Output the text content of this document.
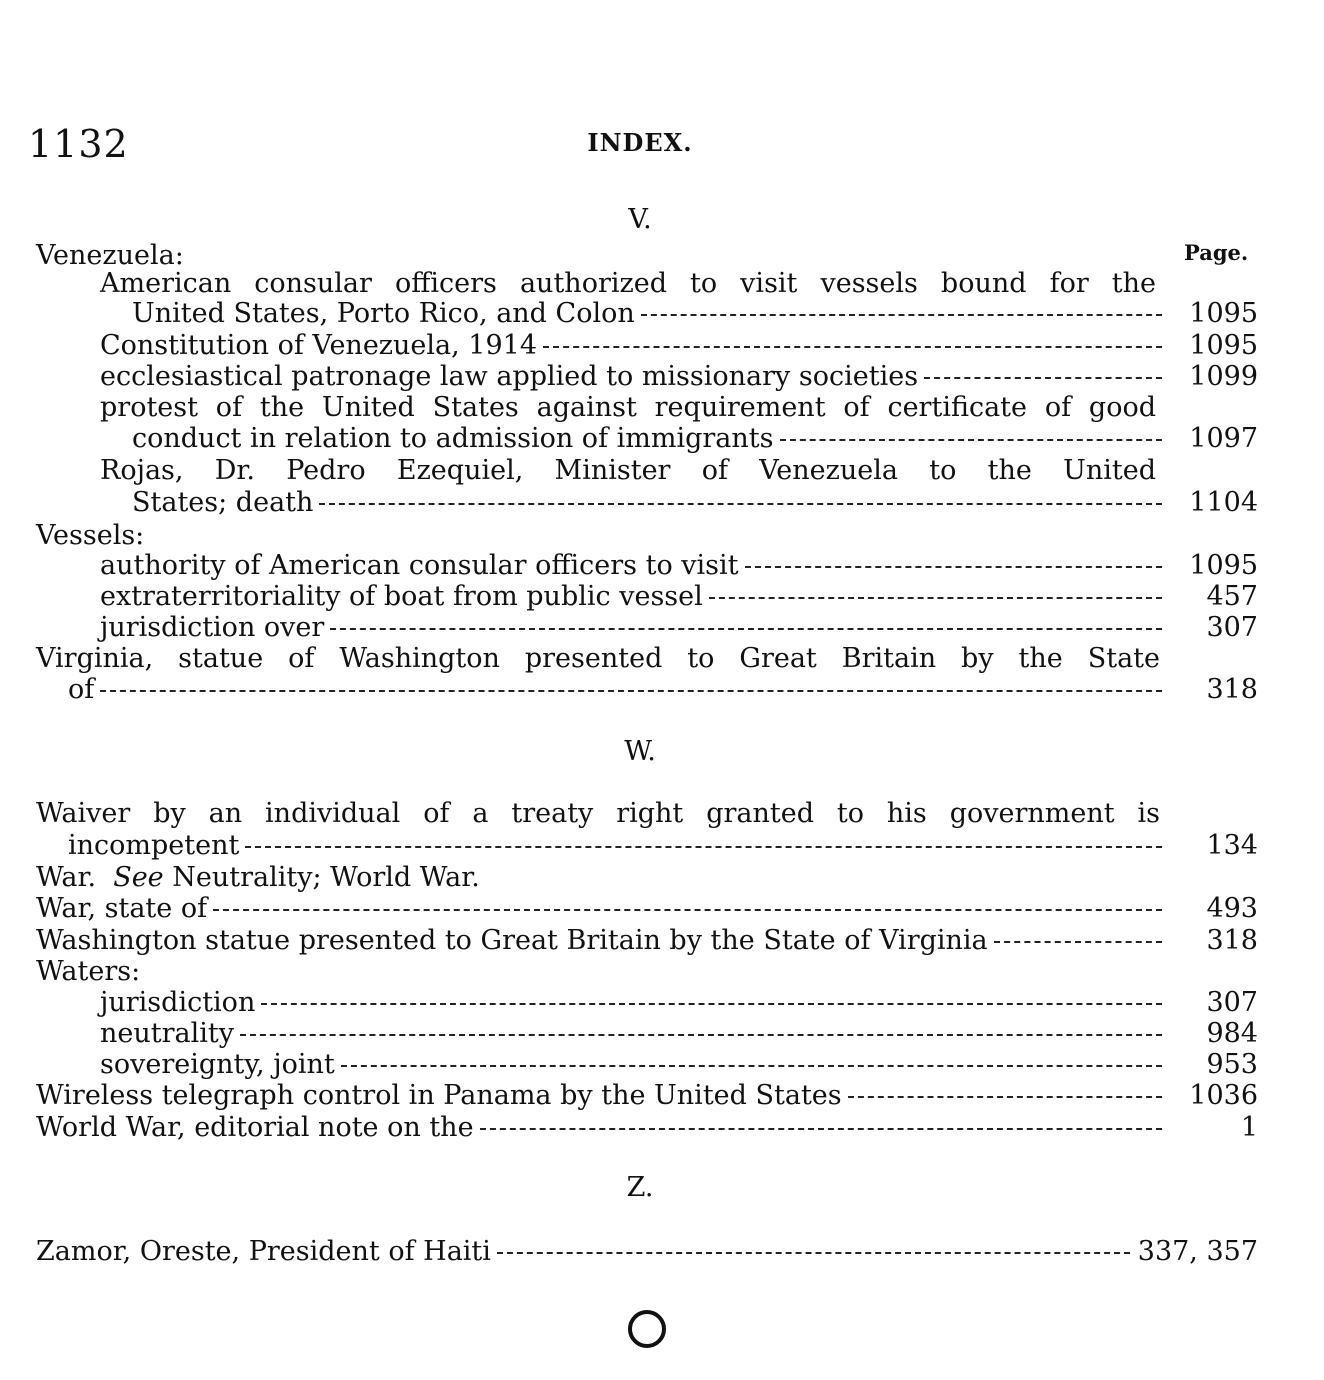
1132	INDEX.
V.
Page.
Venezuela:
American consular officers authorized to visit vessels bound for the
United States, Porto Rico, and Colon	1095
Constitution of Venezuela, 1914	1095
ecclesiastical patronage law applied to missionary societies	1099
protest of the United States against requirement of certificate of good
conduct in relation to admission of immigrants	1097
Rojas, Dr. Pedro Ezequiel, Minister of Venezuela to the United
States; death	1104
Vessels:
authority of American consular officers to visit	1095
extraterritoriality of boat from public vessel	457
jurisdiction over	307
Virginia, statue of Washington presented to Great Britain by the State
of	318
W.
Waiver by an individual of a treaty right granted to his government is
incompetent	134
War.
See
Neutrality; World War.
War, state of	493
Washington statue presented to Great Britain by the State of Virginia	318
Waters:
jurisdiction	307
neutrality	984
sovereignty, joint	953
Wireless telegraph control in Panama by the United States	1036
World War, editorial note on the	1
Z.
Zamor, Oreste, President of Haiti	337, 357
